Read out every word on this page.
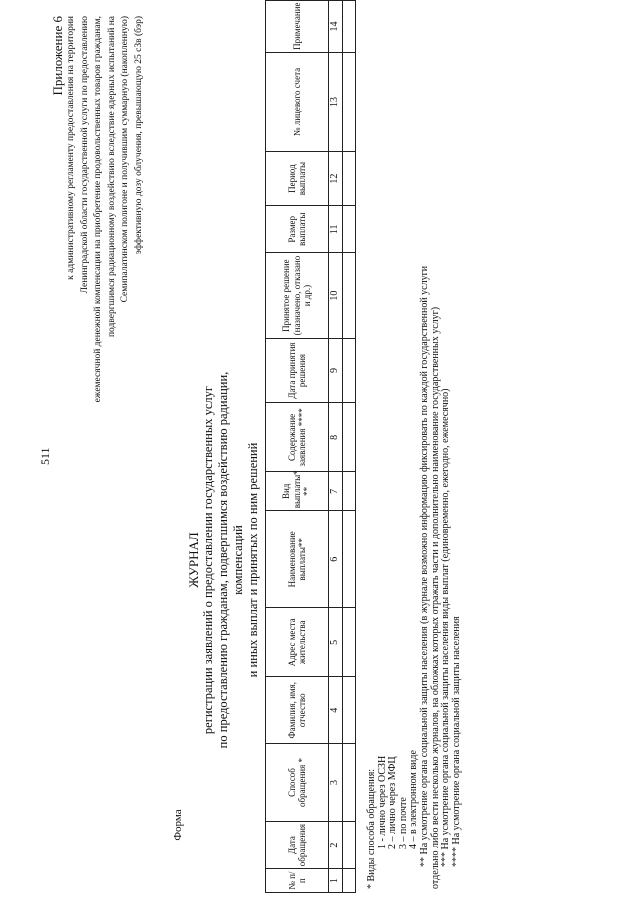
511
Приложение 6 к административному регламенту предоставления на территории Ленинградской области государственной услуги по предоставлению ежемесячной денежной компенсации на приобретение продовольственных товаров гражданам, подвергшимся радиационному воздействию вследствие ядерных испытаний на Семипалатинском полигоне и получившим суммарную (накопленную) эффективную дозу облучения, превышающую 25 сЗв (бэр)
Форма
ЖУРНАЛ регистрации заявлений о предоставлении государственных услуг по предоставлению гражданам, подвергшимся воздействию радиации, компенсаций и иных выплат и принятых по ним решений
№ п/п	Дата обращения	Способ обращения *	Фамилия, имя, отчество	Адрес места жительства	Наименование выплаты**	Вид выплаты* **	Содержание заявления ****	Дата принятия решения	Принятое решение (назначено, отказано и др.)	Размер выплаты	Период выплаты	№ лицевого счета	Примечание
1	2	3	4	5	6	7	8	9	10	11	12	13	14

* Виды способа обращения: 1 - лично через ОСЗН 2 – лично через МФЦ 3 – по почте 4 – в электронном виде ** На усмотрение органа социальной защиты населения (в журнале возможно информацию фиксировать по каждой государственной услуги отдельно либо вести несколько журналов, на обложках которых отражать части и дополнительно наименование государственных услуг) *** На усмотрение органа социальной защиты населения виды выплат (единовременно, ежегодно, ежемесячно) **** На усмотрение органа социальной защиты населения
